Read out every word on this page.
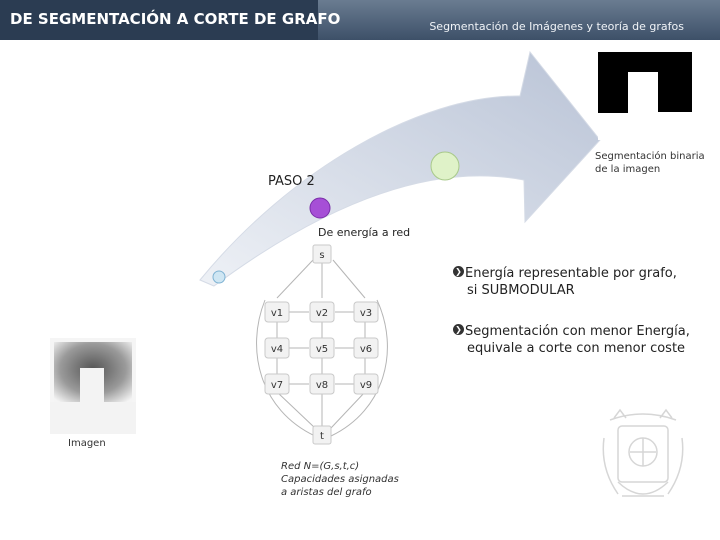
DE SEGMENTACIÓN A CORTE DE GRAFO	Segmentación de Imágenes y teoría de grafos
PASO 2
De energía a red
Segmentación binaria
de la imagen
Imagen
❯ Energía representable por grafo,
si SUBMODULAR
❯ Segmentación con menor Energía,
equivale a corte con menor coste
s
t
v1	v2	v3
v4	v5	v6
v7	v8	v9
Red N=(G,s,t,c)
Capacidades asignadas
a aristas del grafo
